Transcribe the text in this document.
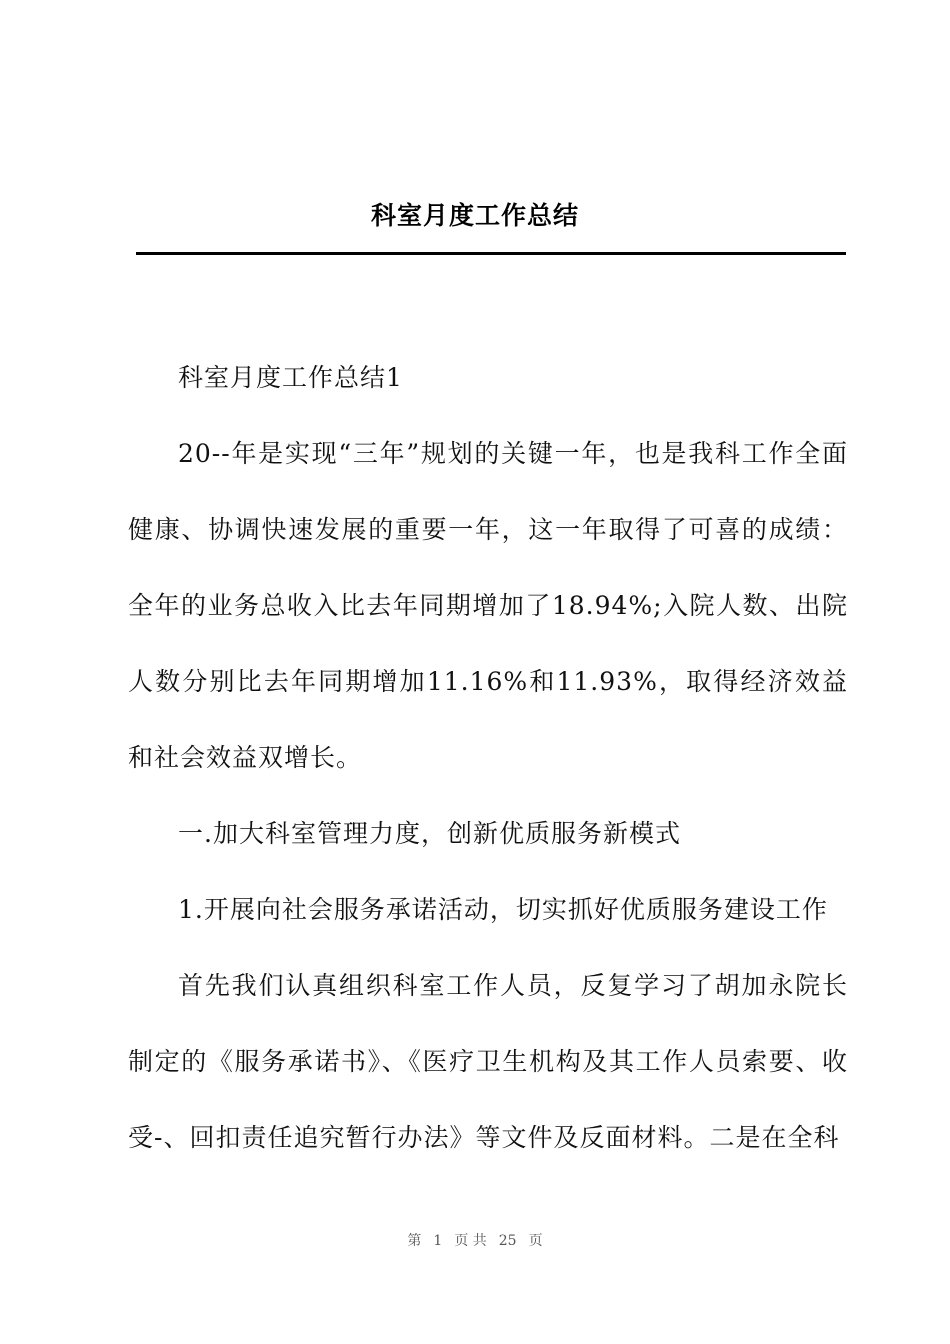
科室月度工作总结

科室月度工作总结1

20--年是实现“三年”规划的关键一年，也是我科工作全面健康、协调快速发展的重要一年，这一年取得了可喜的成绩：全年的业务总收入比去年同期增加了18.94%;入院人数、出院人数分别比去年同期增加11.16%和11.93%，取得经济效益和社会效益双增长。

一.加大科室管理力度，创新优质服务新模式

1.开展向社会服务承诺活动，切实抓好优质服务建设工作

首先我们认真组织科室工作人员，反复学习了胡加永院长制定的《服务承诺书》、《医疗卫生机构及其工作人员索要、收受-、回扣责任追究暂行办法》等文件及反面材料。二是在全科

第 1 页 共 25 页
